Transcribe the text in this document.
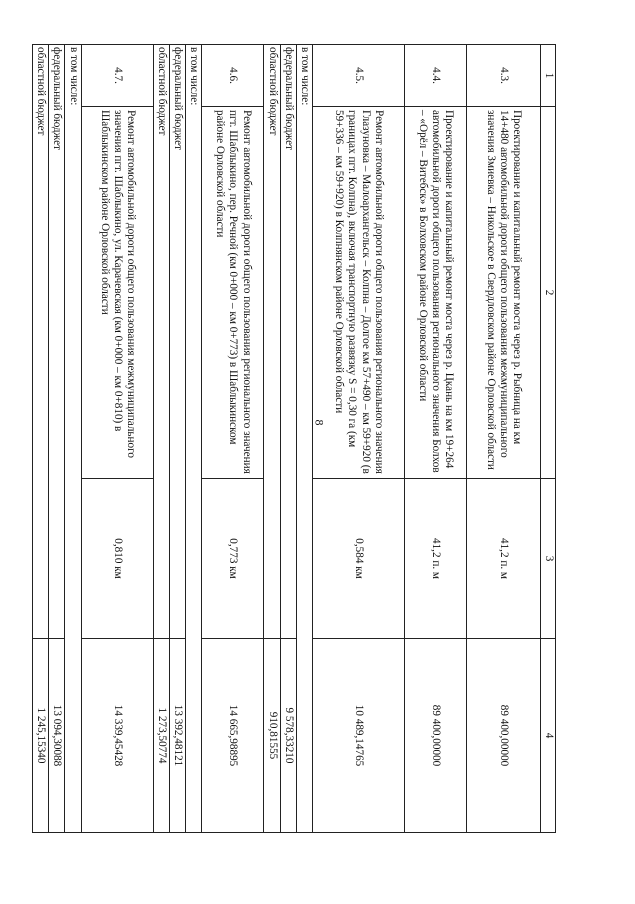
8
1	2	3	4
4.3.	Проектирование и капитальный ремонт моста через р. Рыбница на км 14+480 автомобильной дороги общего пользования межмуниципального значения Змиевка – Никольское в Свердловском районе Орловской области	41,2 п. м	89 400,00000
4.4.	Проектирование и капитальный ремонт моста через р. Цкань на км 19+264 автомобильной дороги общего пользования регионального значения Болхов – «Орёл – Витебск» в Болховском районе Орловской области	41,2 п. м	89 400,00000
4.5.	Ремонт автомобильной дороги общего пользования регионального значения Глазуновка – Малоархангельск – Колпна – Долгое км 57+490 – км 59+920 (в границах пгт. Колпна), включая транспортную развязку S = 0,30 га (км 59+336 – км 59+920) в Колпнянском районе Орловской области	0,584 км	10 489,14765
в том числе:			
федеральный бюджет			9 578,33210
областной бюджет			910,81555
4.6.	Ремонт автомобильной дороги общего пользования регионального значения пгт. Шаблыкино, пер. Речной (км 0+000 – км 0+773) в Шаблыкинском районе Орловской области	0,773 км	14 665,98895
в том числе:			
федеральный бюджет			13 392,48121
областной бюджет			1 273,50774
4.7.	Ремонт автомобильной дороги общего пользования межмуниципального значения пгт. Шаблыкино, ул. Карачевская (км 0+000 – км 0+810) в Шаблыкинском районе Орловской области	0,810 км	14 339,45428
в том числе:			
федеральный бюджет			13 094,30088
областной бюджет			1 245,15340
